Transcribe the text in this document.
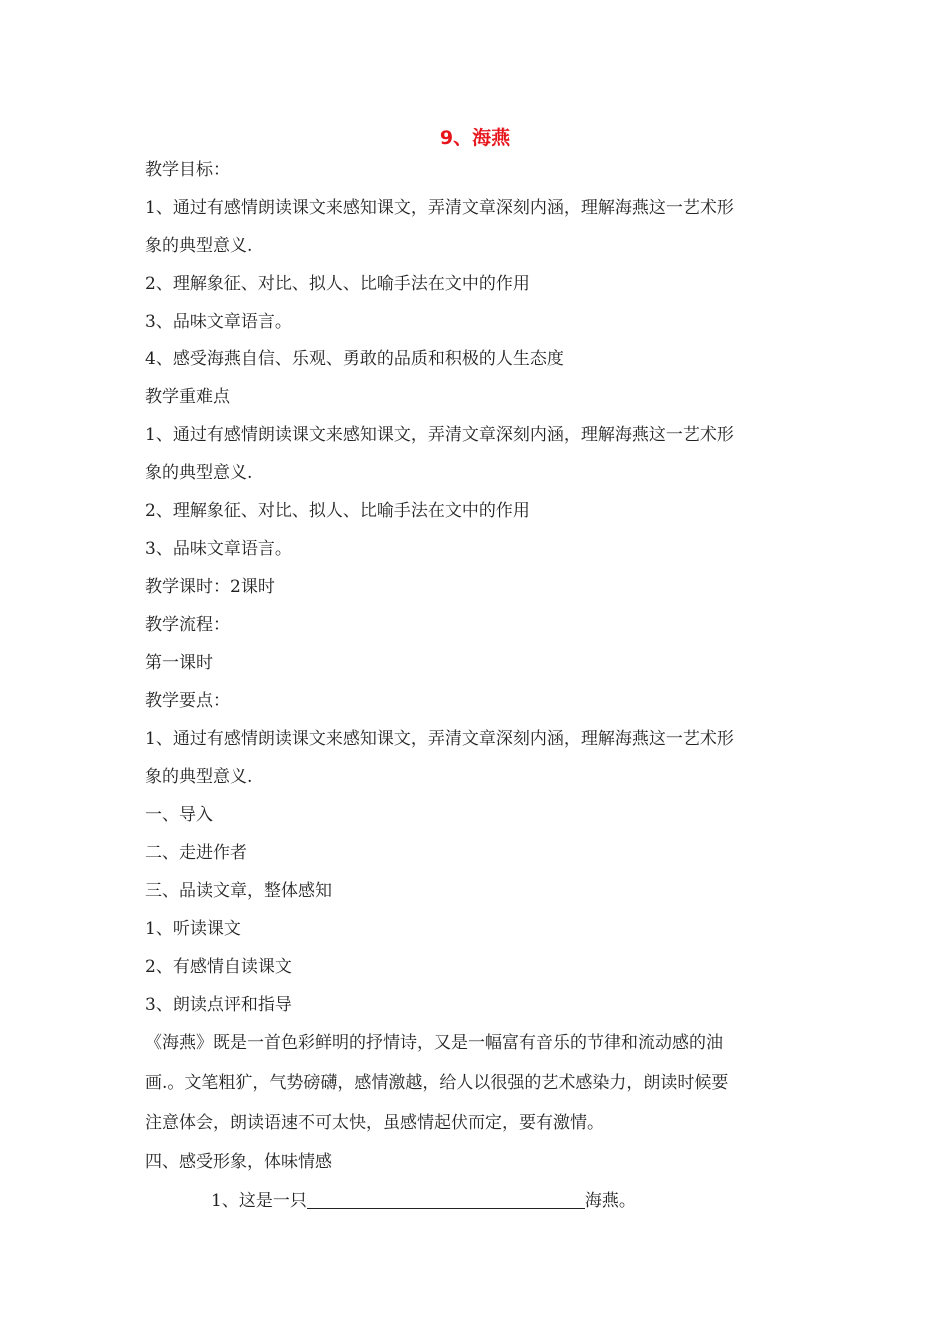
9、海燕
教学目标：
1、通过有感情朗读课文来感知课文，弄清文章深刻内涵，理解海燕这一艺术形
象的典型意义.
2、理解象征、对比、拟人、比喻手法在文中的作用
3、品味文章语言。
4、感受海燕自信、乐观、勇敢的品质和积极的人生态度
教学重难点
1、通过有感情朗读课文来感知课文，弄清文章深刻内涵，理解海燕这一艺术形
象的典型意义.
2、理解象征、对比、拟人、比喻手法在文中的作用
3、品味文章语言。
教学课时：2课时
教学流程：
第一课时
教学要点：
1、通过有感情朗读课文来感知课文，弄清文章深刻内涵，理解海燕这一艺术形
象的典型意义.
一、导入
二、走进作者
三、品读文章，整体感知
1、听读课文
2、有感情自读课文
3、朗读点评和指导
《海燕》既是一首色彩鲜明的抒情诗，又是一幅富有音乐的节律和流动感的油
画.。文笔粗犷，气势磅礴，感情激越，给人以很强的艺术感染力，朗读时候要
注意体会，朗读语速不可太快，虽感情起伏而定，要有激情。
四、感受形象，体味情感
1、这是一只	海燕。
